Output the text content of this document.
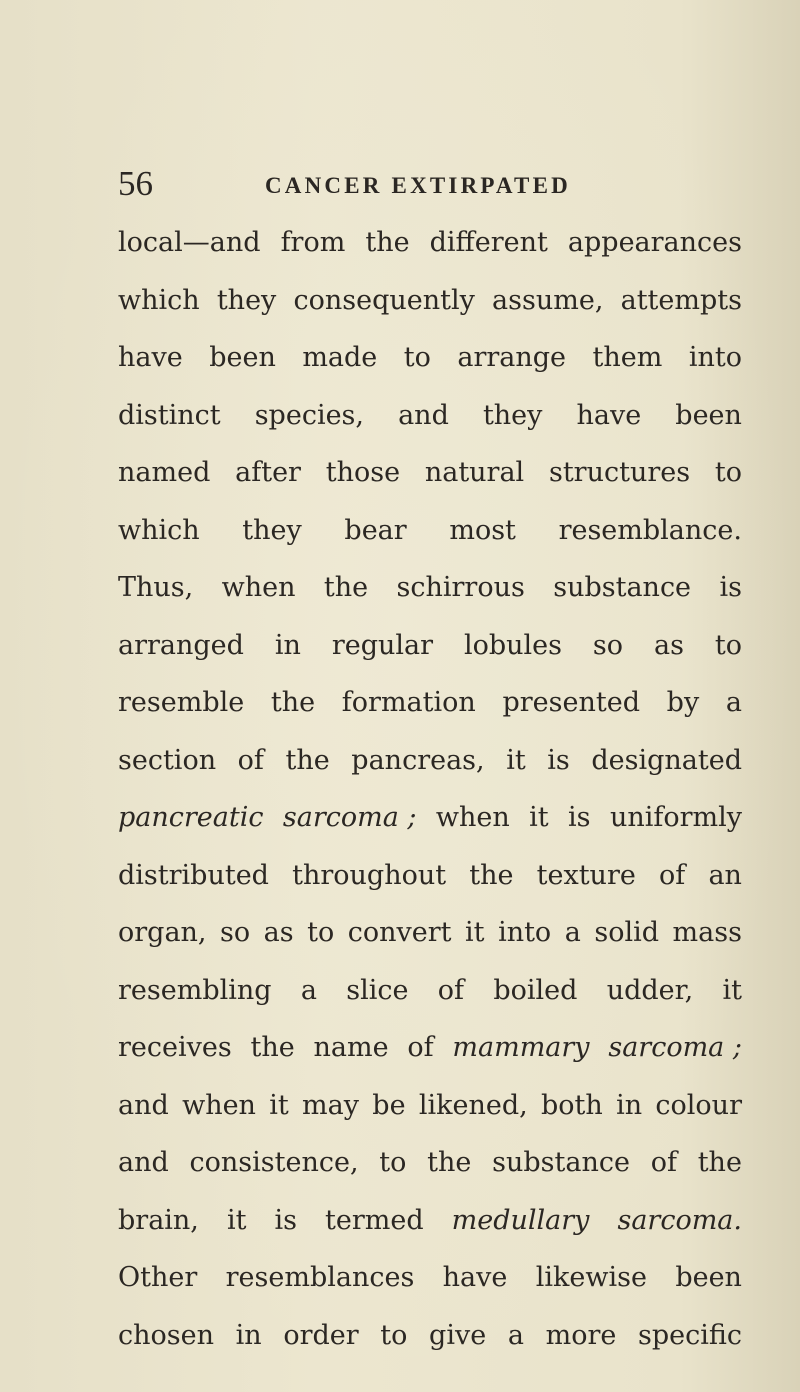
56	CANCER EXTIRPATED
local—and from the different appearances
which they consequently assume, attempts
have been made to arrange them into
distinct species, and they have been
named after those natural structures to
which they bear most resemblance.
Thus, when the schirrous substance is
arranged in regular lobules so as to
resemble the formation presented by a
section of the pancreas, it is designated
pancreatic sarcoma ; when it is uniformly
distributed throughout the texture of an
organ, so as to convert it into a solid mass
resembling a slice of boiled udder, it
receives the name of mammary sarcoma ;
and when it may be likened, both in colour
and consistence, to the substance of the
brain, it is termed medullary sarcoma.
Other resemblances have likewise been
chosen in order to give a more specific
